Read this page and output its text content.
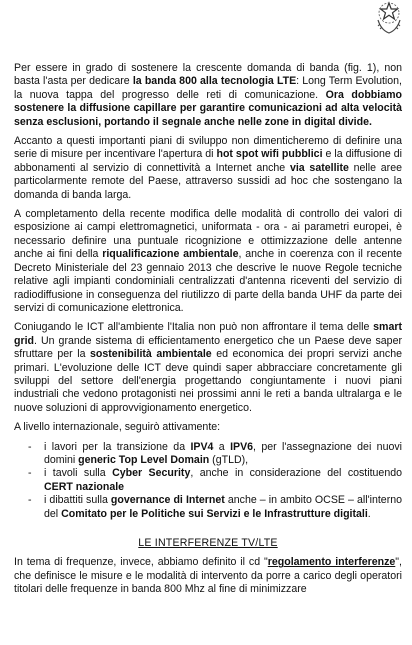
Per essere in grado di sostenere la crescente domanda di banda (fig. 1), non basta l'asta per dedicare la banda 800 alla tecnologia LTE: Long Term Evolution, la nuova tappa del progresso delle reti di comunicazione. Ora dobbiamo sostenere la diffusione capillare per garantire comunicazioni ad alta velocità senza esclusioni, portando il segnale anche nelle zone in digital divide.

Accanto a questi importanti piani di sviluppo non dimenticheremo di definire una serie di misure per incentivare l'apertura di hot spot wifi pubblici e la diffusione di abbonamenti al servizio di connettività a Internet anche via satellite nelle aree particolarmente remote del Paese, attraverso sussidi ad hoc che sostengano la domanda di banda larga.

A completamento della recente modifica delle modalità di controllo dei valori di esposizione ai campi elettromagnetici, uniformata - ora - ai parametri europei, è necessario definire una puntuale ricognizione e ottimizzazione delle antenne anche ai fini della riqualificazione ambientale, anche in coerenza con il recente Decreto Ministeriale del 23 gennaio 2013 che descrive le nuove Regole tecniche relative agli impianti condominiali centralizzati d'antenna riceventi del servizio di radiodiffusione in conseguenza del riutilizzo di parte della banda UHF da parte dei servizi di comunicazione elettronica.

Coniugando le ICT all'ambiente l'Italia non può non affrontare il tema delle smart grid. Un grande sistema di efficientamento energetico che un Paese deve saper sfruttare per la sostenibilità ambientale ed economica dei propri servizi anche primari. L'evoluzione delle ICT deve quindi saper abbracciare concretamente gli sviluppi del settore dell'energia progettando congiuntamente i nuovi piani industriali che vedono protagonisti nei prossimi anni le reti a banda ultralarga e le nuove soluzioni di approvvigionamento energetico.

A livello internazionale, seguirò attivamente:
- i lavori per la transizione da IPV4 a IPV6, per l'assegnazione dei nuovi domini generic Top Level Domain (gTLD),
- i tavoli sulla Cyber Security, anche in considerazione del costituendo CERT nazionale
- i dibattiti sulla governance di Internet anche – in ambito OCSE – all'interno del Comitato per le Politiche sui Servizi e le Infrastrutture digitali.
LE INTERFERENZE TV/LTE

In tema di frequenze, invece, abbiamo definito il cd "regolamento interferenze", che definisce le misure e le modalità di intervento da porre a carico degli operatori titolari delle frequenze in banda 800 Mhz al fine di minimizzare
